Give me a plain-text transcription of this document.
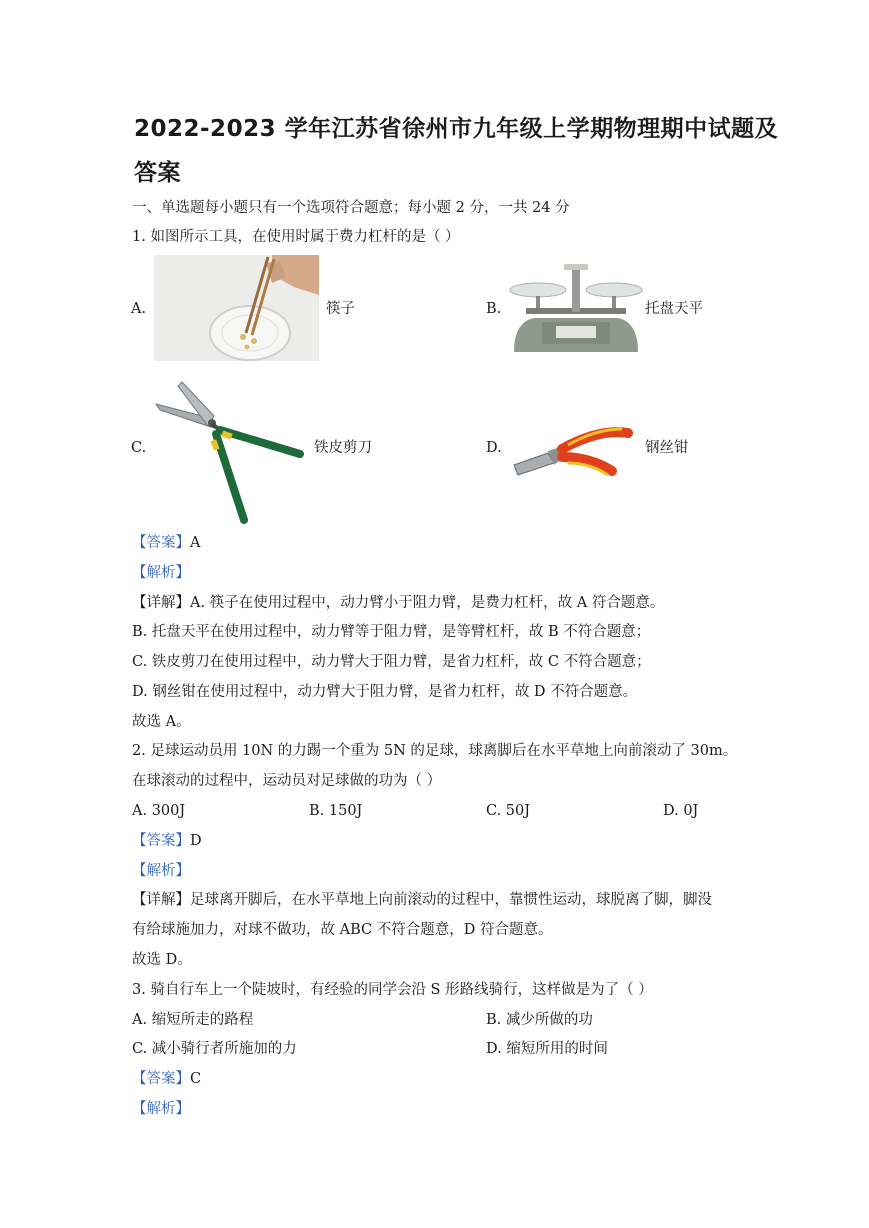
2022-2023 学年江苏省徐州市九年级上学期物理期中试题及
答案
一、单选题每小题只有一个选项符合题意；每小题 2 分，一共 24 分
1. 如图所示工具，在使用时属于费力杠杆的是（ ）
A.	筷子	B.	托盘天平
C.	铁皮剪刀	D.	钢丝钳
【答案】A
【解析】
【详解】A. 筷子在使用过程中，动力臂小于阻力臂，是费力杠杆，故 A 符合题意。
B. 托盘天平在使用过程中，动力臂等于阻力臂，是等臂杠杆，故 B 不符合题意；
C. 铁皮剪刀在使用过程中，动力臂大于阻力臂，是省力杠杆，故 C 不符合题意；
D. 钢丝钳在使用过程中，动力臂大于阻力臂，是省力杠杆，故 D 不符合题意。
故选 A。
2. 足球运动员用 10N 的力踢一个重为 5N 的足球，球离脚后在水平草地上向前滚动了 30m。
在球滚动的过程中，运动员对足球做的功为（ ）
A. 300J	B. 150J	C. 50J	D. 0J
【答案】D
【解析】
【详解】足球离开脚后，在水平草地上向前滚动的过程中，靠惯性运动，球脱离了脚，脚没
有给球施加力，对球不做功，故 ABC 不符合题意，D 符合题意。
故选 D。
3. 骑自行车上一个陡坡时，有经验的同学会沿 S 形路线骑行，这样做是为了（ ）
A. 缩短所走的路程	B. 减少所做的功
C. 减小骑行者所施加的力	D. 缩短所用的时间
【答案】C
【解析】
